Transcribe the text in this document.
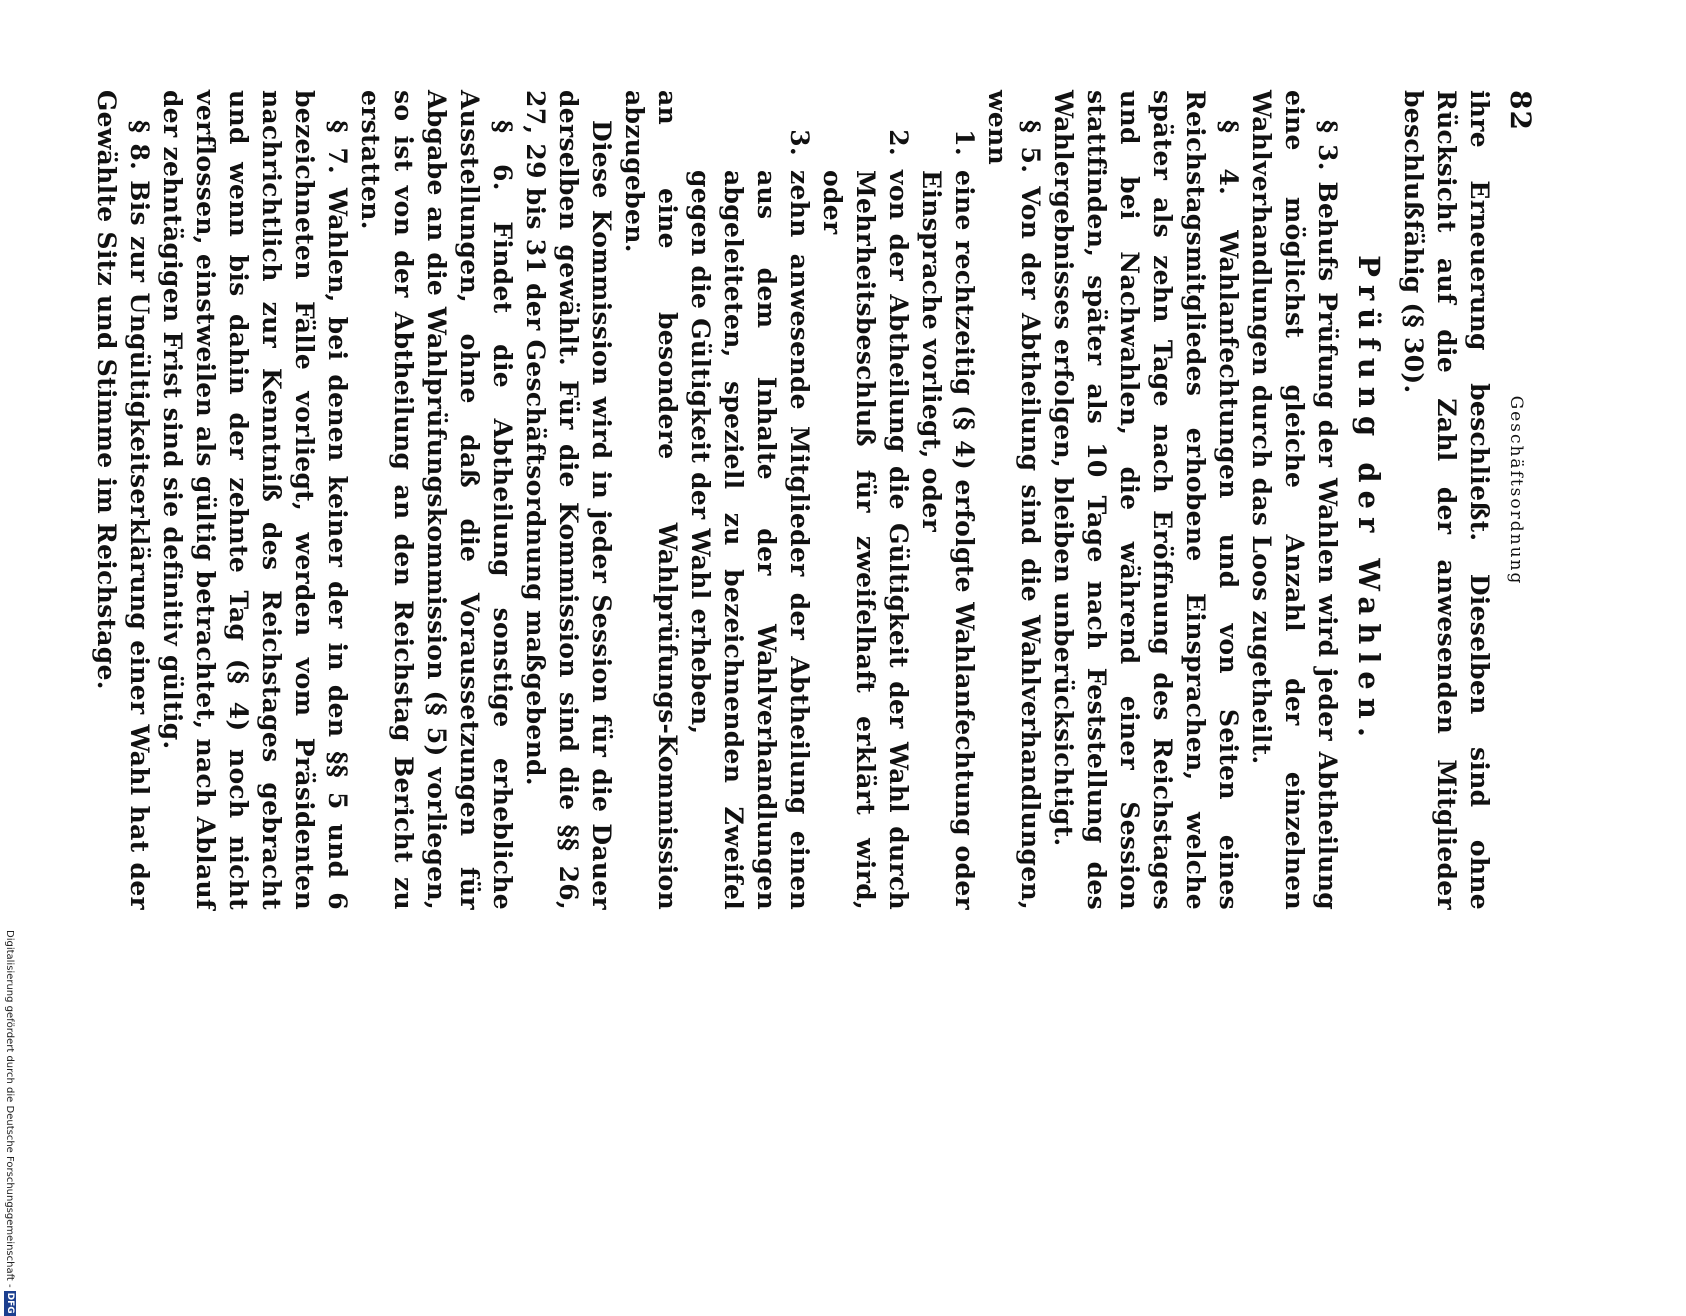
82
Geschäftsordnung

ihre Erneuerung beschließt. Dieselben sind ohne Rücksicht auf die Zahl der anwesenden Mitglieder beschlußfähig (§ 30).

Prüfung der Wahlen.

§ 3. Behufs Prüfung der Wahlen wird jeder Abtheilung eine möglichst gleiche Anzahl der einzelnen Wahlverhandlungen durch das Loos zugetheilt.

§ 4. Wahlanfechtungen und von Seiten eines Reichstagsmitgliedes erhobene Einsprachen, welche später als zehn Tage nach Eröffnung des Reichstages und bei Nachwahlen, die während einer Session stattfinden, später als 10 Tage nach Feststellung des Wahlergebnisses erfolgen, bleiben unberücksichtigt.

§ 5. Von der Abtheilung sind die Wahlverhandlungen, wenn

1.
eine rechtzeitig (§ 4) erfolgte Wahlanfechtung oder Einsprache vorliegt, oder
2.
von der Abtheilung die Gültigkeit der Wahl durch Mehrheitsbeschluß für zweifelhaft erklärt wird, oder
3.
zehn anwesende Mitglieder der Abtheilung einen aus dem Inhalte der Wahlverhandlungen abgeleiteten, speziell zu bezeichnenden Zweifel gegen die Gültigkeit der Wahl erheben,

an eine besondere Wahlprüfungs-Kommission abzugeben.

Diese Kommission wird in jeder Session für die Dauer derselben gewählt. Für die Kommission sind die §§ 26, 27, 29 bis 31 der Geschäftsordnung maßgebend.

§ 6. Findet die Abtheilung sonstige erhebliche Ausstellungen, ohne daß die Voraussetzungen für Abgabe an die Wahlprüfungskommission (§ 5) vorliegen, so ist von der Abtheilung an den Reichstag Bericht zu erstatten.

§ 7. Wahlen, bei denen keiner der in den §§ 5 und 6 bezeichneten Fälle vorliegt, werden vom Präsidenten nachrichtlich zur Kenntniß des Reichstages gebracht und wenn bis dahin der zehnte Tag (§ 4) noch nicht verflossen, einstweilen als gültig betrachtet, nach Ablauf der zehntägigen Frist sind sie definitiv gültig.

§ 8. Bis zur Ungültigkeitserklärung einer Wahl hat der Gewählte Sitz und Stimme im Reichstage.

Digitalisierung gefördert durch die Deutsche Forschungsgemeinschaft -
DFG
